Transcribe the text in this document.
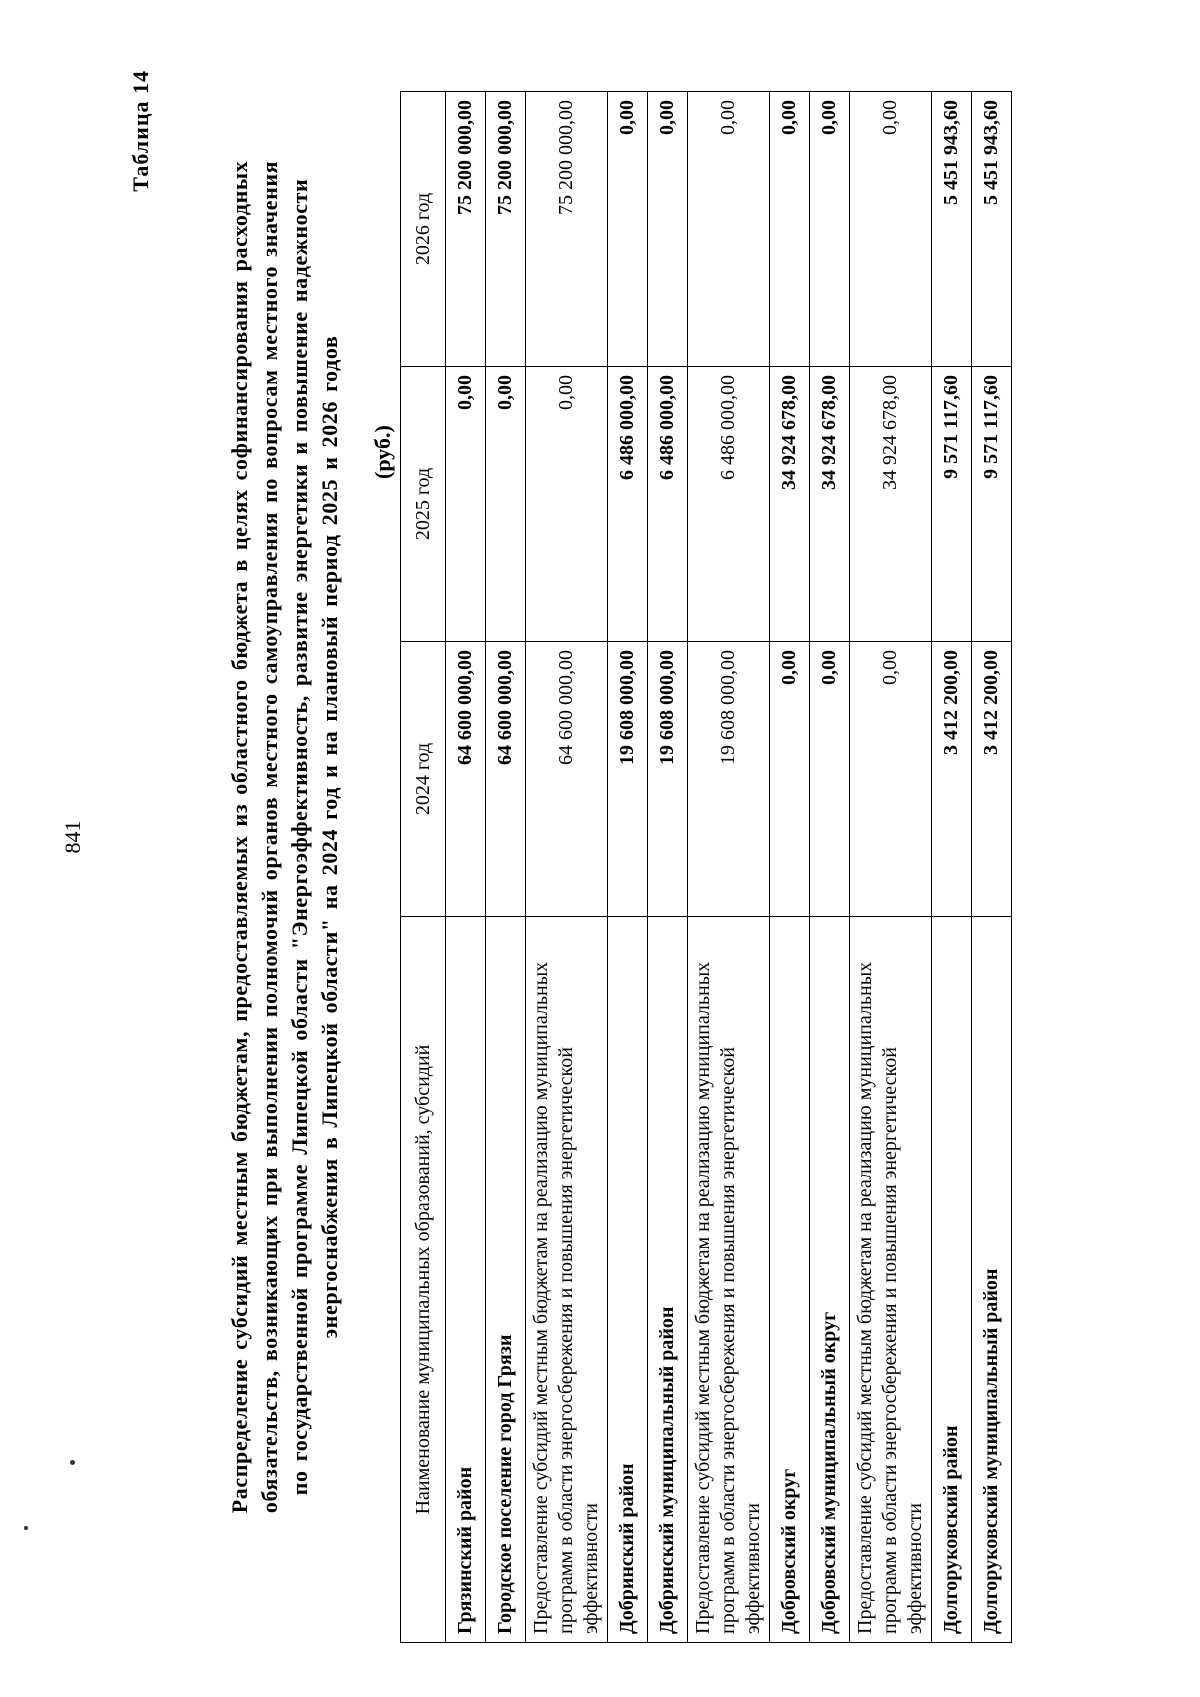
841
Таблица 14
Распределение субсидий местным бюджетам, предоставляемых из областного бюджета в целях софинансирования расходных обязательств, возникающих при выполнении полномочий органов местного самоуправления по вопросам местного значения по государственной программе Липецкой области "Энергоэффективность, развитие энергетики и повышение надежности энергоснабжения в Липецкой области" на 2024 год и на плановый период 2025 и 2026 годов (руб.)
Наименование муниципальных образований, субсидий	2024 год	2025 год	2026 год
Грязинский район	64 600 000,00	0,00	75 200 000,00
Городское поселение город Грязи	64 600 000,00	0,00	75 200 000,00
Предоставление субсидий местным бюджетам на реализацию муниципальных программ в области энергосбережения и повышения энергетической эффективности	64 600 000,00	0,00	75 200 000,00
Добринский район	19 608 000,00	6 486 000,00	0,00
Добринский муниципальный район	19 608 000,00	6 486 000,00	0,00
Предоставление субсидий местным бюджетам на реализацию муниципальных программ в области энергосбережения и повышения энергетической эффективности	19 608 000,00	6 486 000,00	0,00
Добровский округ	0,00	34 924 678,00	0,00
Добровский муниципальный округ	0,00	34 924 678,00	0,00
Предоставление субсидий местным бюджетам на реализацию муниципальных программ в области энергосбережения и повышения энергетической эффективности	0,00	34 924 678,00	0,00
Долгоруковский район	3 412 200,00	9 571 117,60	5 451 943,60
Долгоруковский муниципальный район	3 412 200,00	9 571 117,60	5 451 943,60
